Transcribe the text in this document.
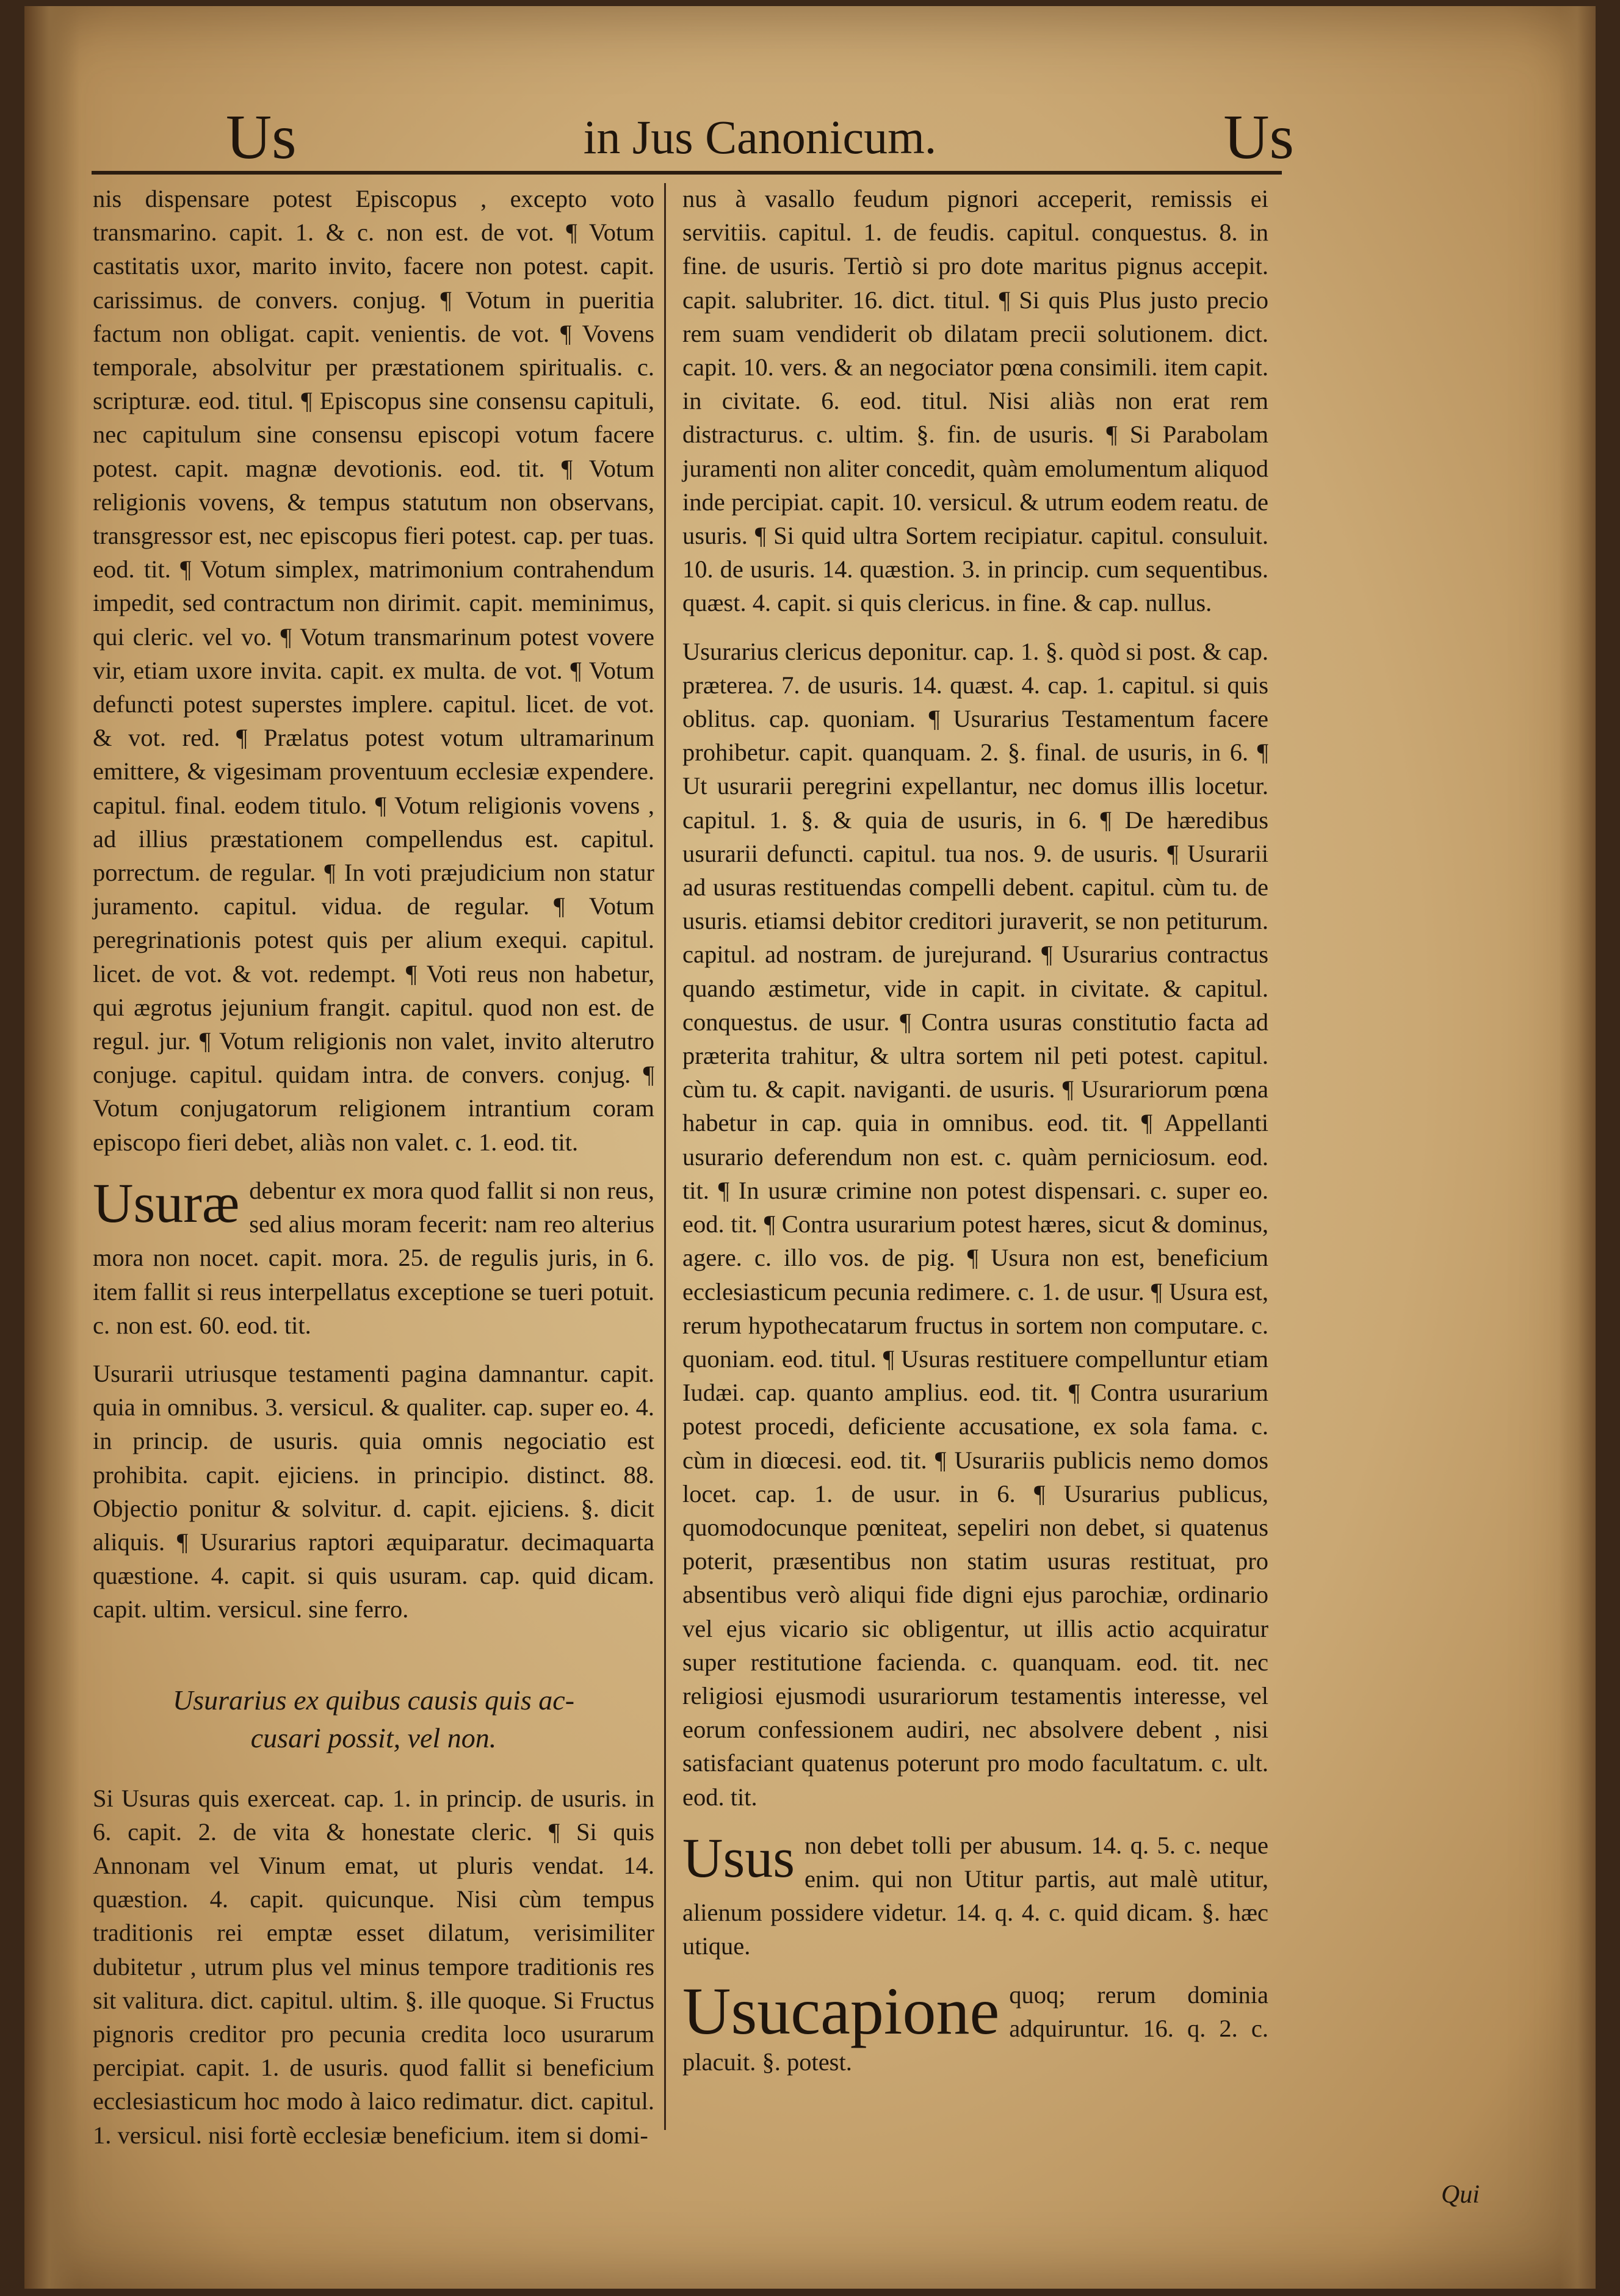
Us	in Jus Canonicum.	Us

nis dispensare potest Episcopus , excepto voto transmarino. capit. 1. & c. non est. de vot. ¶ Votum castitatis uxor, marito invito, facere non potest. capit. carissimus. de convers. conjug. ¶ Votum in pueritia factum non obligat. capit. venientis. de vot. ¶ Vovens temporale, absolvitur per præstationem spiritualis. c. scripturæ. eod. titul. ¶ Episcopus sine consensu capituli, nec capitulum sine consensu episcopi votum facere potest. capit. magnæ devotionis. eod. tit. ¶ Votum religionis vovens, & tempus statutum non observans, transgressor est, nec episcopus fieri potest. cap. per tuas. eod. tit. ¶ Votum simplex, matrimonium contrahendum impedit, sed contractum non dirimit. capit. meminimus, qui cleric. vel vo. ¶ Votum transmarinum potest vovere vir, etiam uxore invita. capit. ex multa. de vot. ¶ Votum defuncti potest superstes implere. capitul. licet. de vot. & vot. red. ¶ Prælatus potest votum ultramarinum emittere, & vigesimam proventuum ecclesiæ expendere. capitul. final. eodem titulo. ¶ Votum religionis vovens , ad illius præstationem compellendus est. capitul. porrectum. de regular. ¶ In voti præjudicium non statur juramento. capitul. vidua. de regular. ¶ Votum peregrinationis potest quis per alium exequi. capitul. licet. de vot. & vot. redempt. ¶ Voti reus non habetur, qui ægrotus jejunium frangit. capitul. quod non est. de regul. jur. ¶ Votum religionis non valet, invito alterutro conjuge. capitul. quidam intra. de convers. conjug. ¶ Votum conjugatorum religionem intrantium coram episcopo fieri debet, aliàs non valet. c. 1. eod. tit.

Usuræ debentur ex mora quod fallit si non reus, sed alius moram fecerit: nam reo alterius mora non nocet. capit. mora. 25. de regulis juris, in 6. item fallit si reus interpellatus exceptione se tueri potuit. c. non est. 60. eod. tit.

Usurarii utriusque testamenti pagina damnantur. capit. quia in omnibus. 3. versicul. & qualiter. cap. super eo. 4. in princip. de usuris. quia omnis negociatio est prohibita. capit. ejiciens. in principio. distinct. 88. Objectio ponitur & solvitur. d. capit. ejiciens. §. dicit aliquis. ¶ Usurarius raptori æquiparatur. decimaquarta quæstione. 4. capit. si quis usuram. cap. quid dicam. capit. ultim. versicul. sine ferro.

Usurarius ex quibus causis quis ac-
cusari possit, vel non.

Si Usuras quis exerceat. cap. 1. in princip. de usuris. in 6. capit. 2. de vita & honestate cleric. ¶ Si quis Annonam vel Vinum emat, ut pluris vendat. 14. quæstion. 4. capit. quicunque. Nisi cùm tempus traditionis rei emptæ esset dilatum, verisimiliter dubitetur , utrum plus vel minus tempore traditionis res sit valitura. dict. capitul. ultim. §. ille quoque. Si Fructus pignoris creditor pro pecunia credita loco usurarum percipiat. capit. 1. de usuris. quod fallit si beneficium ecclesiasticum hoc modo à laico redimatur. dict. capitul. 1. versicul. nisi fortè ecclesiæ beneficium. item si domi-

nus à vasallo feudum pignori acceperit, remissis ei servitiis. capitul. 1. de feudis. capitul. conquestus. 8. in fine. de usuris. Tertiò si pro dote maritus pignus accepit. capit. salubriter. 16. dict. titul. ¶ Si quis Plus justo precio rem suam vendiderit ob dilatam precii solutionem. dict. capit. 10. vers. & an negociator pœna consimili. item capit. in civitate. 6. eod. titul. Nisi aliàs non erat rem distracturus. c. ultim. §. fin. de usuris. ¶ Si Parabolam juramenti non aliter concedit, quàm emolumentum aliquod inde percipiat. capit. 10. versicul. & utrum eodem reatu. de usuris. ¶ Si quid ultra Sortem recipiatur. capitul. consuluit. 10. de usuris. 14. quæstion. 3. in princip. cum sequentibus. quæst. 4. capit. si quis clericus. in fine. & cap. nullus.

Usurarius clericus deponitur. cap. 1. §. quòd si post. & cap. præterea. 7. de usuris. 14. quæst. 4. cap. 1. capitul. si quis oblitus. cap. quoniam. ¶ Usurarius Testamentum facere prohibetur. capit. quanquam. 2. §. final. de usuris, in 6. ¶ Ut usurarii peregrini expellantur, nec domus illis locetur. capitul. 1. §. & quia de usuris, in 6. ¶ De hæredibus usurarii defuncti. capitul. tua nos. 9. de usuris. ¶ Usurarii ad usuras restituendas compelli debent. capitul. cùm tu. de usuris. etiamsi debitor creditori juraverit, se non petiturum. capitul. ad nostram. de jurejurand. ¶ Usurarius contractus quando æstimetur, vide in capit. in civitate. & capitul. conquestus. de usur. ¶ Contra usuras constitutio facta ad præterita trahitur, & ultra sortem nil peti potest. capitul. cùm tu. & capit. naviganti. de usuris. ¶ Usurariorum pœna habetur in cap. quia in omnibus. eod. tit. ¶ Appellanti usurario deferendum non est. c. quàm perniciosum. eod. tit. ¶ In usuræ crimine non potest dispensari. c. super eo. eod. tit. ¶ Contra usurarium potest hæres, sicut & dominus, agere. c. illo vos. de pig. ¶ Usura non est, beneficium ecclesiasticum pecunia redimere. c. 1. de usur. ¶ Usura est, rerum hypothecatarum fructus in sortem non computare. c. quoniam. eod. titul. ¶ Usuras restituere compelluntur etiam Iudæi. cap. quanto amplius. eod. tit. ¶ Contra usurarium potest procedi, deficiente accusatione, ex sola fama. c. cùm in diœcesi. eod. tit. ¶ Usurariis publicis nemo domos locet. cap. 1. de usur. in 6. ¶ Usurarius publicus, quomodocunque pœniteat, sepeliri non debet, si quatenus poterit, præsentibus non statim usuras restituat, pro absentibus verò aliqui fide digni ejus parochiæ, ordinario vel ejus vicario sic obligentur, ut illis actio acquiratur super restitutione facienda. c. quanquam. eod. tit. nec religiosi ejusmodi usurariorum testamentis interesse, vel eorum confessionem audiri, nec absolvere debent , nisi satisfaciant quatenus poterunt pro modo facultatum. c. ult. eod. tit.

Usus non debet tolli per abusum. 14. q. 5. c. neque enim. qui non Utitur partis, aut malè utitur, alienum possidere videtur. 14. q. 4. c. quid dicam. §. hæc utique.

Usucapione quoq; rerum dominia adquiruntur. 16. q. 2. c. placuit. §. potest.

Qui
